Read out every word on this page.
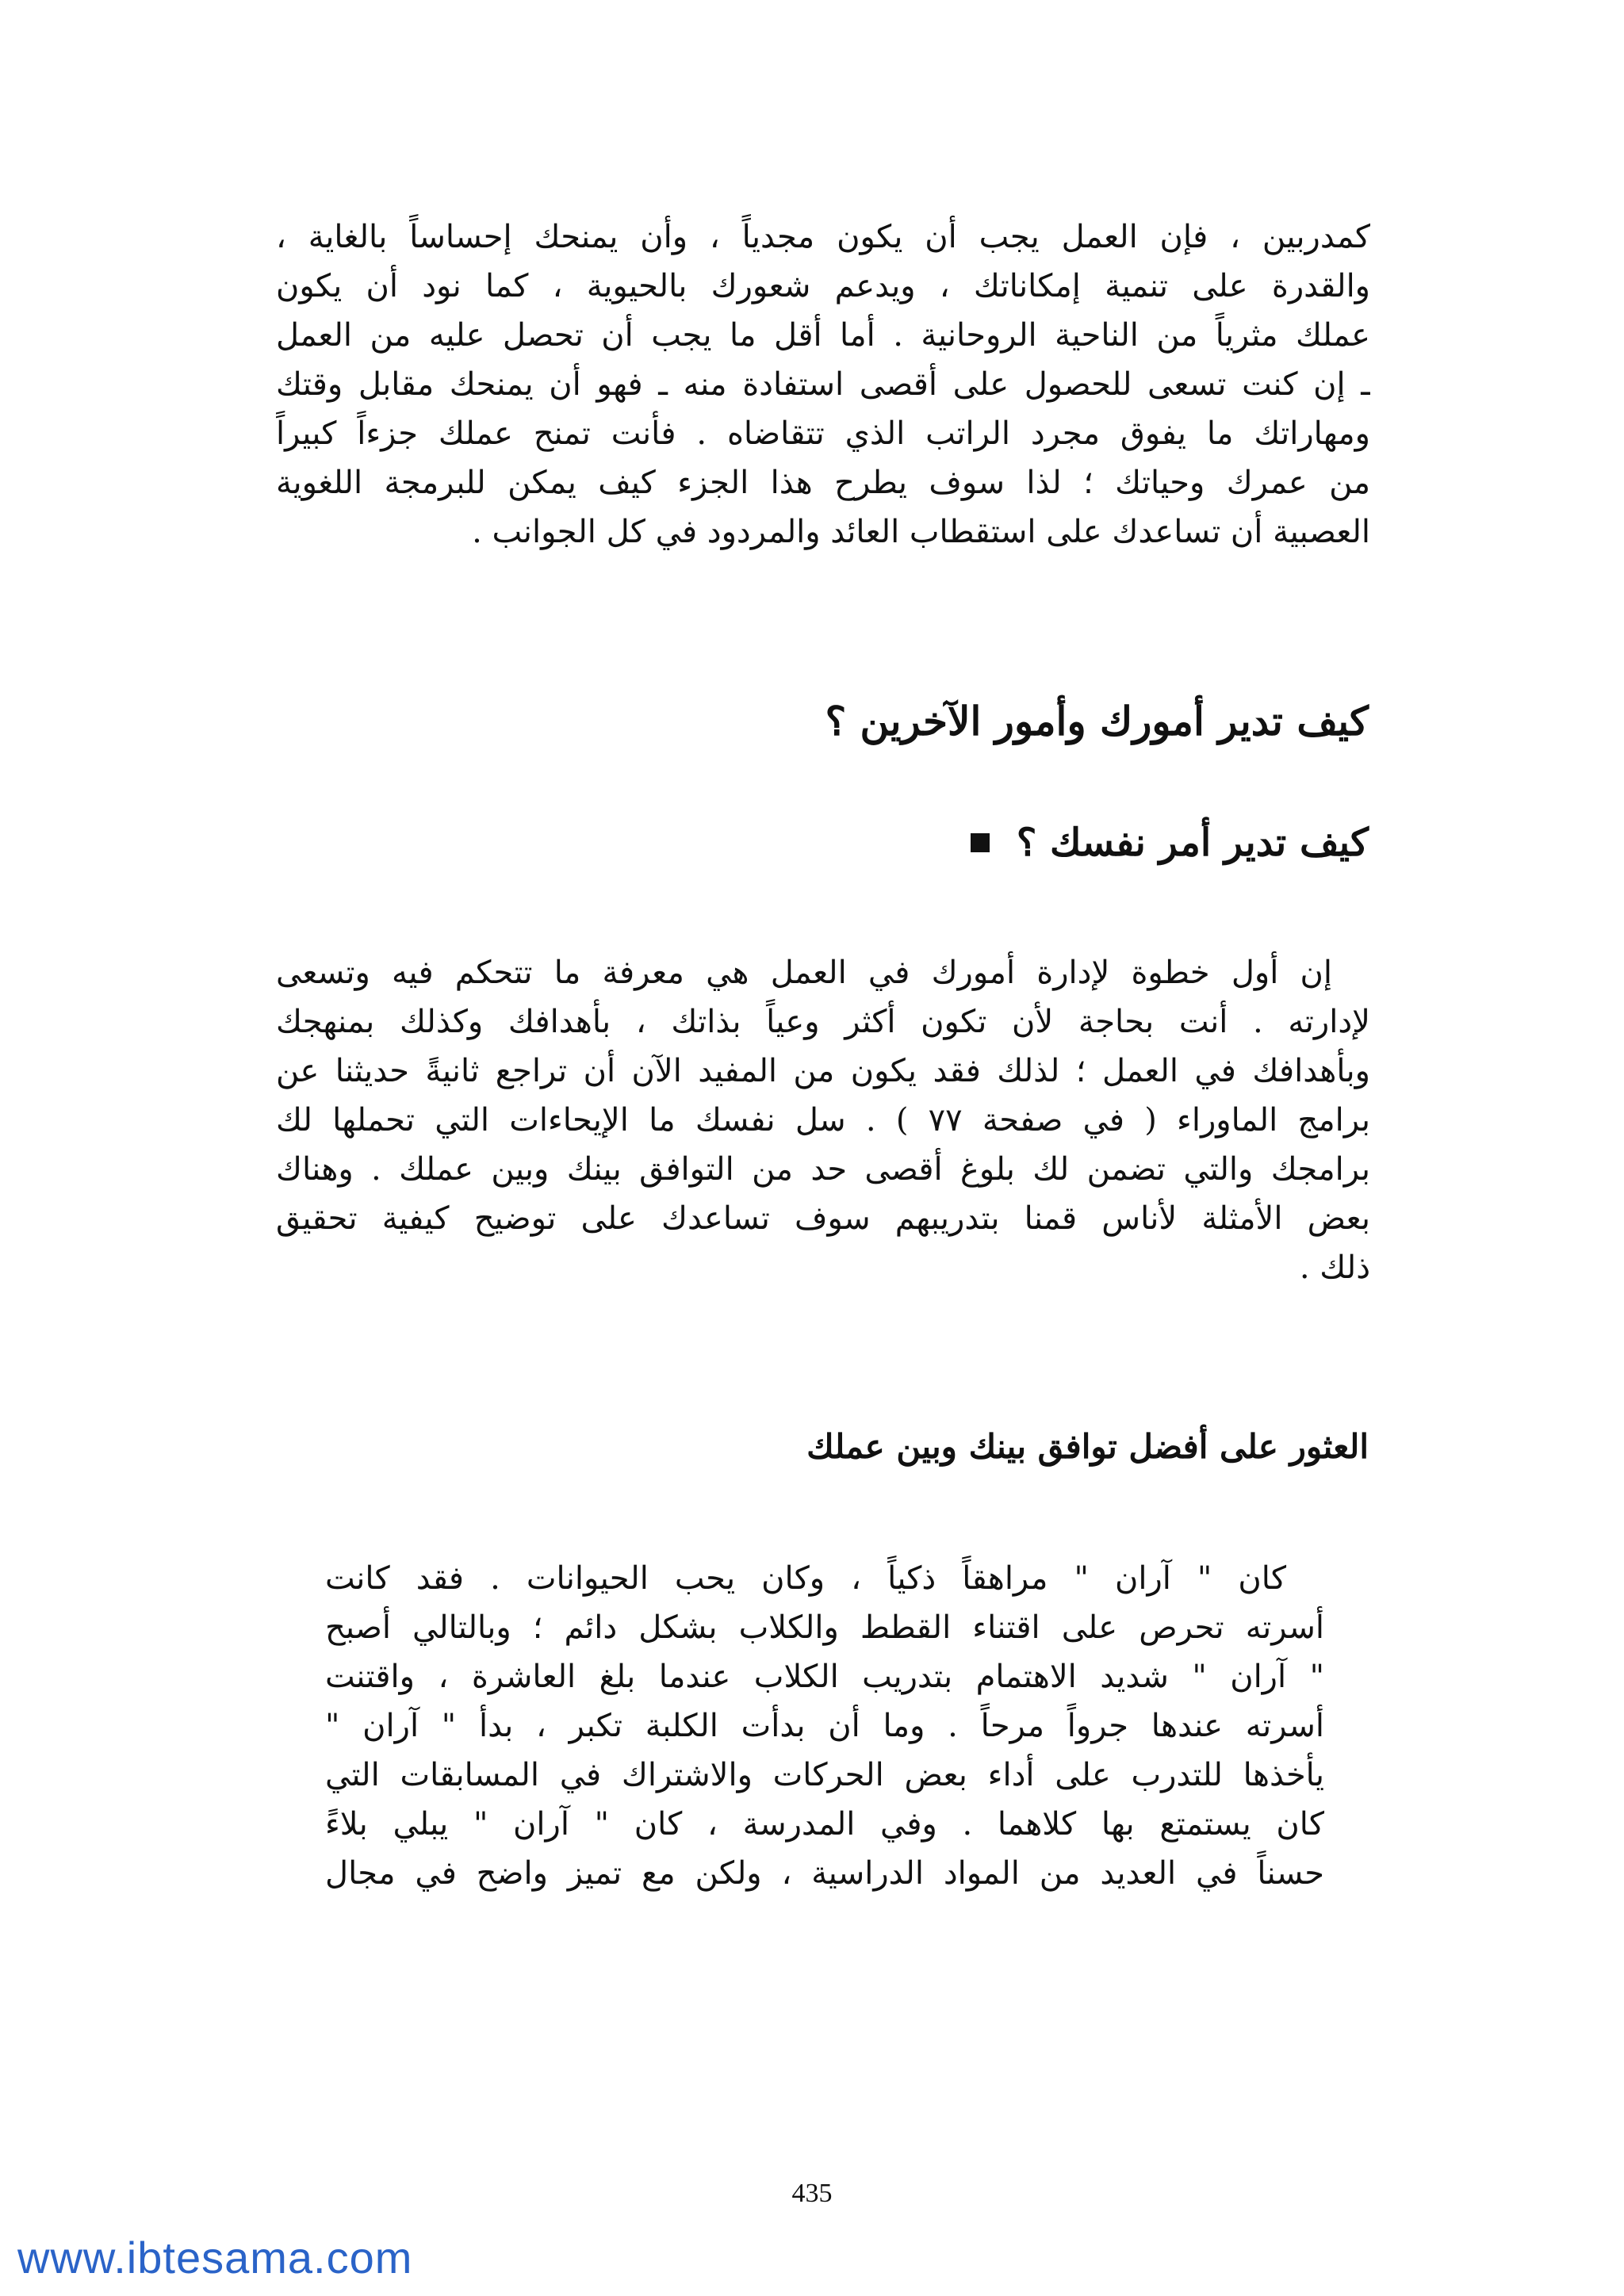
كمدربين ، فإن العمل يجب أن يكون مجدياً ، وأن يمنحك إحساساً بالغاية ،
والقدرة على تنمية إمكاناتك ، ويدعم شعورك بالحيوية ، كما نود أن يكون
عملك مثرياً من الناحية الروحانية . أما أقل ما يجب أن تحصل عليه من العمل
ـ إن كنت تسعى للحصول على أقصى استفادة منه ـ فهو أن يمنحك مقابل وقتك
ومهاراتك ما يفوق مجرد الراتب الذي تتقاضاه . فأنت تمنح عملك جزءاً كبيراً
من عمرك وحياتك ؛ لذا سوف يطرح هذا الجزء كيف يمكن للبرمجة اللغوية
العصبية أن تساعدك على استقطاب العائد والمردود في كل الجوانب .
كيف تدير أمورك وأمور الآخرين ؟
كيف تدير أمر نفسك ؟
إن أول خطوة لإدارة أمورك في العمل هي معرفة ما تتحكم فيه وتسعى
لإدارته . أنت بحاجة لأن تكون أكثر وعياً بذاتك ، بأهدافك وكذلك بمنهجك
وبأهدافك في العمل ؛ لذلك فقد يكون من المفيد الآن أن تراجع ثانيةً حديثنا عن
برامج الماوراء ( في صفحة ٧٧ ) . سل نفسك ما الإيحاءات التي تحملها لك
برامجك والتي تضمن لك بلوغ أقصى حد من التوافق بينك وبين عملك . وهناك
بعض الأمثلة لأناس قمنا بتدريبهم سوف تساعدك على توضيح كيفية تحقيق
ذلك .
العثور على أفضل توافق بينك وبين عملك
كان " آران " مراهقاً ذكياً ، وكان يحب الحيوانات . فقد كانت
أسرته تحرص على اقتناء القطط والكلاب بشكل دائم ؛ وبالتالي أصبح
" آران " شديد الاهتمام بتدريب الكلاب عندما بلغ العاشرة ، واقتنت
أسرته عندها جرواً مرحاً . وما أن بدأت الكلبة تكبر ، بدأ " آران "
يأخذها للتدرب على أداء بعض الحركات والاشتراك في المسابقات التي
كان يستمتع بها كلاهما . وفي المدرسة ، كان " آران " يبلي بلاءً
حسناً في العديد من المواد الدراسية ، ولكن مع تميز واضح في مجال
435
www.ibtesama.com
